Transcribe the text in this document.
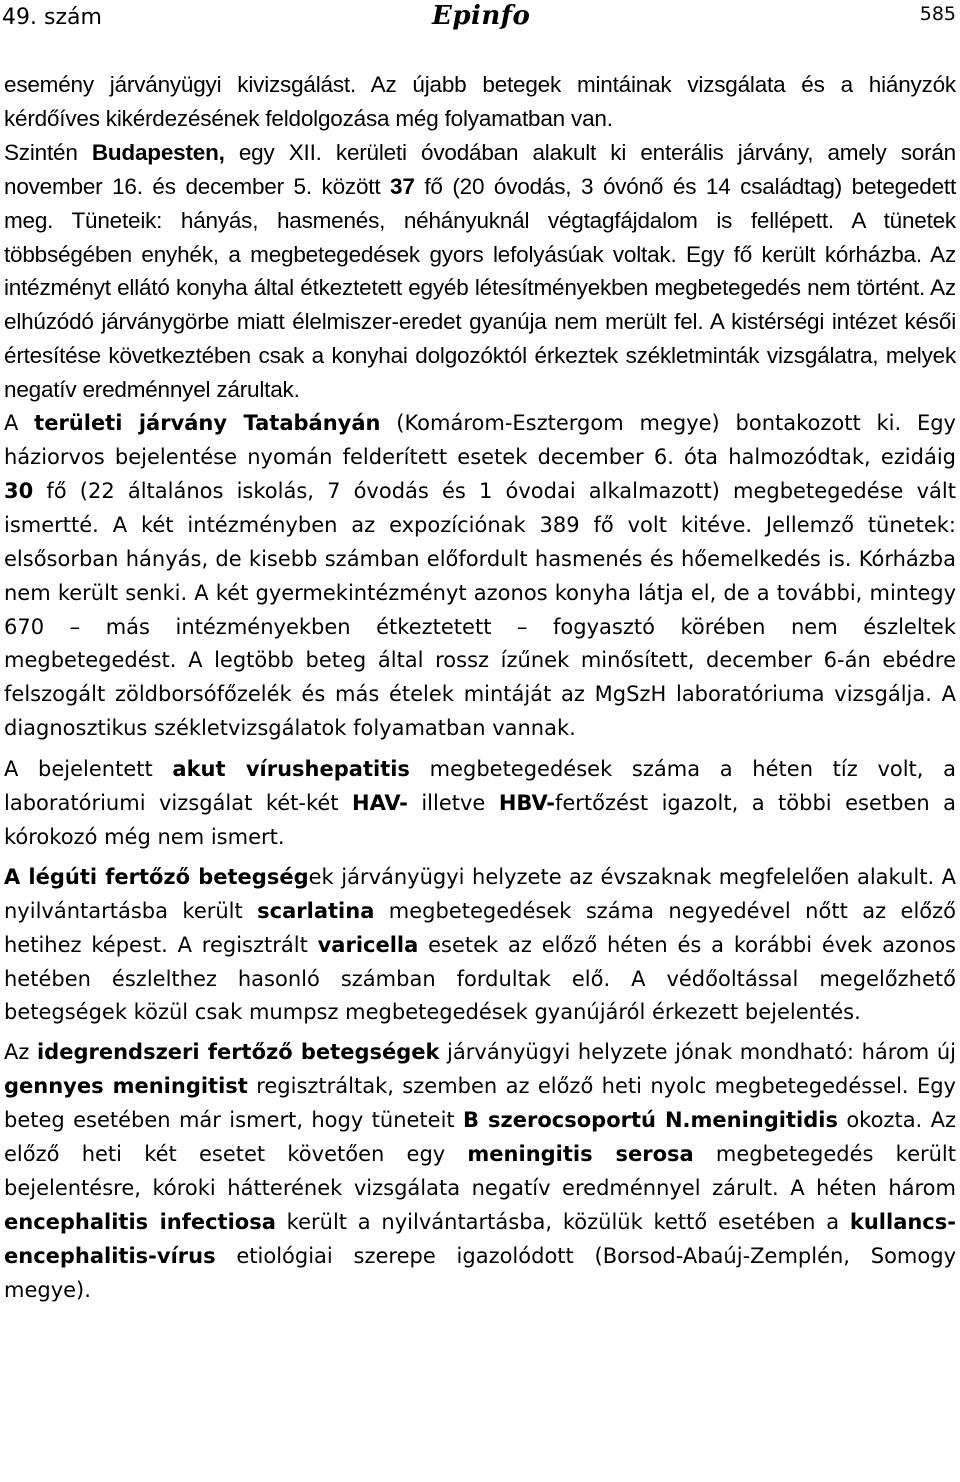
49. szám	Epinfo	585

esemény járványügyi kivizsgálást. Az újabb betegek mintáinak vizsgálata és a hiányzók kérdőíves kikérdezésének feldolgozása még folyamatban van.

Szintén Budapesten, egy XII. kerületi óvodában alakult ki enterális járvány, amely során november 16. és december 5. között 37 fő (20 óvodás, 3 óvónő és 14 családtag) betegedett meg. Tüneteik: hányás, hasmenés, néhányuknál végtagfájdalom is fellépett. A tünetek többségében enyhék, a megbetegedések gyors lefolyásúak voltak. Egy fő került kórházba. Az intézményt ellátó konyha által étkeztetett egyéb létesítményekben megbetegedés nem történt. Az elhúzódó járványgörbe miatt élelmiszer-eredet gyanúja nem merült fel. A kistérségi intézet késői értesítése következtében csak a konyhai dolgozóktól érkeztek székletminták vizsgálatra, melyek negatív eredménnyel zárultak.

A területi járvány Tatabányán (Komárom-Esztergom megye) bontakozott ki. Egy háziorvos bejelentése nyomán felderített esetek december 6. óta halmozódtak, ezidáig 30 fő (22 általános iskolás, 7 óvodás és 1 óvodai alkalmazott) megbetegedése vált ismertté. A két intézményben az expozíciónak 389 fő volt kitéve. Jellemző tünetek: elsősorban hányás, de kisebb számban előfordult hasmenés és hőemelkedés is. Kórházba nem került senki. A két gyermekintézményt azonos konyha látja el, de a további, mintegy 670 – más intézményekben étkeztetett – fogyasztó körében nem észleltek megbetegedést. A legtöbb beteg által rossz ízűnek minősített, december 6-án ebédre felszogált zöldborsófőzelék és más ételek mintáját az MgSzH laboratóriuma vizsgálja. A diagnosztikus székletvizsgálatok folyamatban vannak.

A bejelentett akut vírushepatitis megbetegedések száma a héten tíz volt, a laboratóriumi vizsgálat két-két HAV- illetve HBV-fertőzést igazolt, a többi esetben a kórokozó még nem ismert.

A légúti fertőző betegségek járványügyi helyzete az évszaknak megfelelően alakult. A nyilvántartásba került scarlatina megbetegedések száma negyedével nőtt az előző hetihez képest. A regisztrált varicella esetek az előző héten és a korábbi évek azonos hetében észlelthez hasonló számban fordultak elő. A védőoltással megelőzhető betegségek közül csak mumpsz megbetegedések gyanújáról érkezett bejelentés.

Az idegrendszeri fertőző betegségek járványügyi helyzete jónak mondható: három új gennyes meningitist regisztráltak, szemben az előző heti nyolc megbetegedéssel. Egy beteg esetében már ismert, hogy tüneteit B szerocsoportú N.meningitidis okozta. Az előző heti két esetet követően egy meningitis serosa megbetegedés került bejelentésre, kóroki hátterének vizsgálata negatív eredménnyel zárult. A héten három encephalitis infectiosa került a nyilvántartásba, közülük kettő esetében a kullancs-encephalitis-vírus etiológiai szerepe igazolódott (Borsod-Abaúj-Zemplén, Somogy megye).
